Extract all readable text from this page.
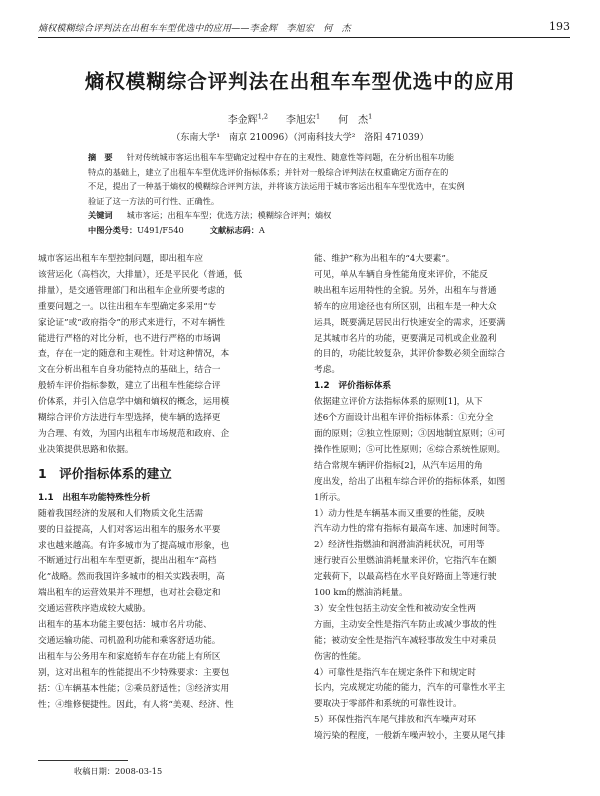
熵权模糊综合评判法在出租车车型优选中的应用——李金辉　李旭宏　何　杰	193
熵权模糊综合评判法在出租车车型优选中的应用
李金辉$^{1,2}$ 李旭宏$^1$ 何　杰$^1$
（东南大学¹　南京 210096）（河南科技大学²　洛阳 471039）

摘　要 针对传统城市客运出租车车型确定过程中存在的主观性、随意性等问题，在分析出租车功能

特点的基础上，建立了出租车车型优选评价指标体系；并针对一般综合评判法在权重确定方面存在的

不足，提出了一种基于熵权的模糊综合评判方法，并将该方法运用于城市客运出租车车型优选中，在实例

验证了这一方法的可行性、正确性。

关键词 城市客运；出租车车型；优选方法；模糊综合评判；熵权

中图分类号：U491/F540	文献标志码：A

城市客运出租车车型控制问题，即出租车应

该营运化（高档次，大排量），还是平民化（普通，低

排量），是交通管理部门和出租车企业所要考虑的

重要问题之一。以往出租车车型确定多采用“专

家论证”或“政府指令”的形式来进行，不对车辆性

能进行严格的对比分析，也不进行严格的市场调

查，存在一定的随意和主观性。针对这种情况，本

文在分析出租车自身功能特点的基础上，结合一

般轿车评价指标参数，建立了出租车性能综合评

价体系，并引入信息学中熵和熵权的概念，运用模

糊综合评价方法进行车型选择，使车辆的选择更

为合理、有效，为国内出租车市场规范和政府、企

业决策提供思路和依据。

1　评价指标体系的建立
1.1　出租车功能特殊性分析

随着我国经济的发展和人们物质文化生活需

要的日益提高，人们对客运出租车的服务水平要

求也越来越高。有许多城市为了提高城市形象，也

不断通过行出租车车型更新，提出出租车“高档

化”战略。然而我国许多城市的相关实践表明，高

端出租车的运营效果并不理想，也对社会稳定和

交通运营秩序造成较大威胁。

出租车的基本功能主要包括：城市名片功能、

交通运输功能、司机盈利功能和乘客舒适功能。

出租车与公务用车和家庭轿车存在功能上有所区

别，这对出租车的性能提出不少特殊要求：主要包

括：①车辆基本性能；②乘员舒适性；③经济实用

性；④维修便捷性。因此，有人将“美观、经济、性

能、维护”称为出租车的“4大要素”。

可见，单从车辆自身性能角度来评价，不能反

映出租车运用特性的全貌。另外，出租车与普通

轿车的应用途径也有所区别，出租车是一种大众

运具，既要满足居民出行快速安全的需求，还要满

足其城市名片的功能，更要满足司机或企业盈利

的目的，功能比较复杂，其评价参数必须全面综合

考虑。

1.2　评价指标体系

依据建立评价方法指标体系的原则[1]，从下

述6个方面设计出租车评价指标体系：①充分全

面的原则；②独立性原则；③因地制宜原则；④可

操作性原则；⑤可比性原则；⑥综合系统性原则。

结合常规车辆评价指标[2]，从汽车运用的角

度出发，给出了出租车综合评价的指标体系，如图

1所示。

1）动力性是车辆基本而又重要的性能，反映

汽车动力性的常有指标有最高车速、加速时间等。

2）经济性指燃油和润滑油消耗状况，可用等

速行驶百公里燃油消耗量来评价，它指汽车在额

定载荷下，以最高档在水平良好路面上等速行驶

100 km的燃油消耗量。

3）安全性包括主动安全性和被动安全性两

方面，主动安全性是指汽车防止或减少事故的性

能；被动安全性是指汽车减轻事故发生中对乘员

伤害的性能。

4）可靠性是指汽车在规定条件下和规定时

长内，完成规定功能的能力，汽车的可靠性水平主

要取决于零部件和系统的可靠性设计。

5）环保性指汽车尾气排放和汽车噪声对环

境污染的程度，一般新车噪声较小，主要从尾气排

收稿日期：2008-03-15
